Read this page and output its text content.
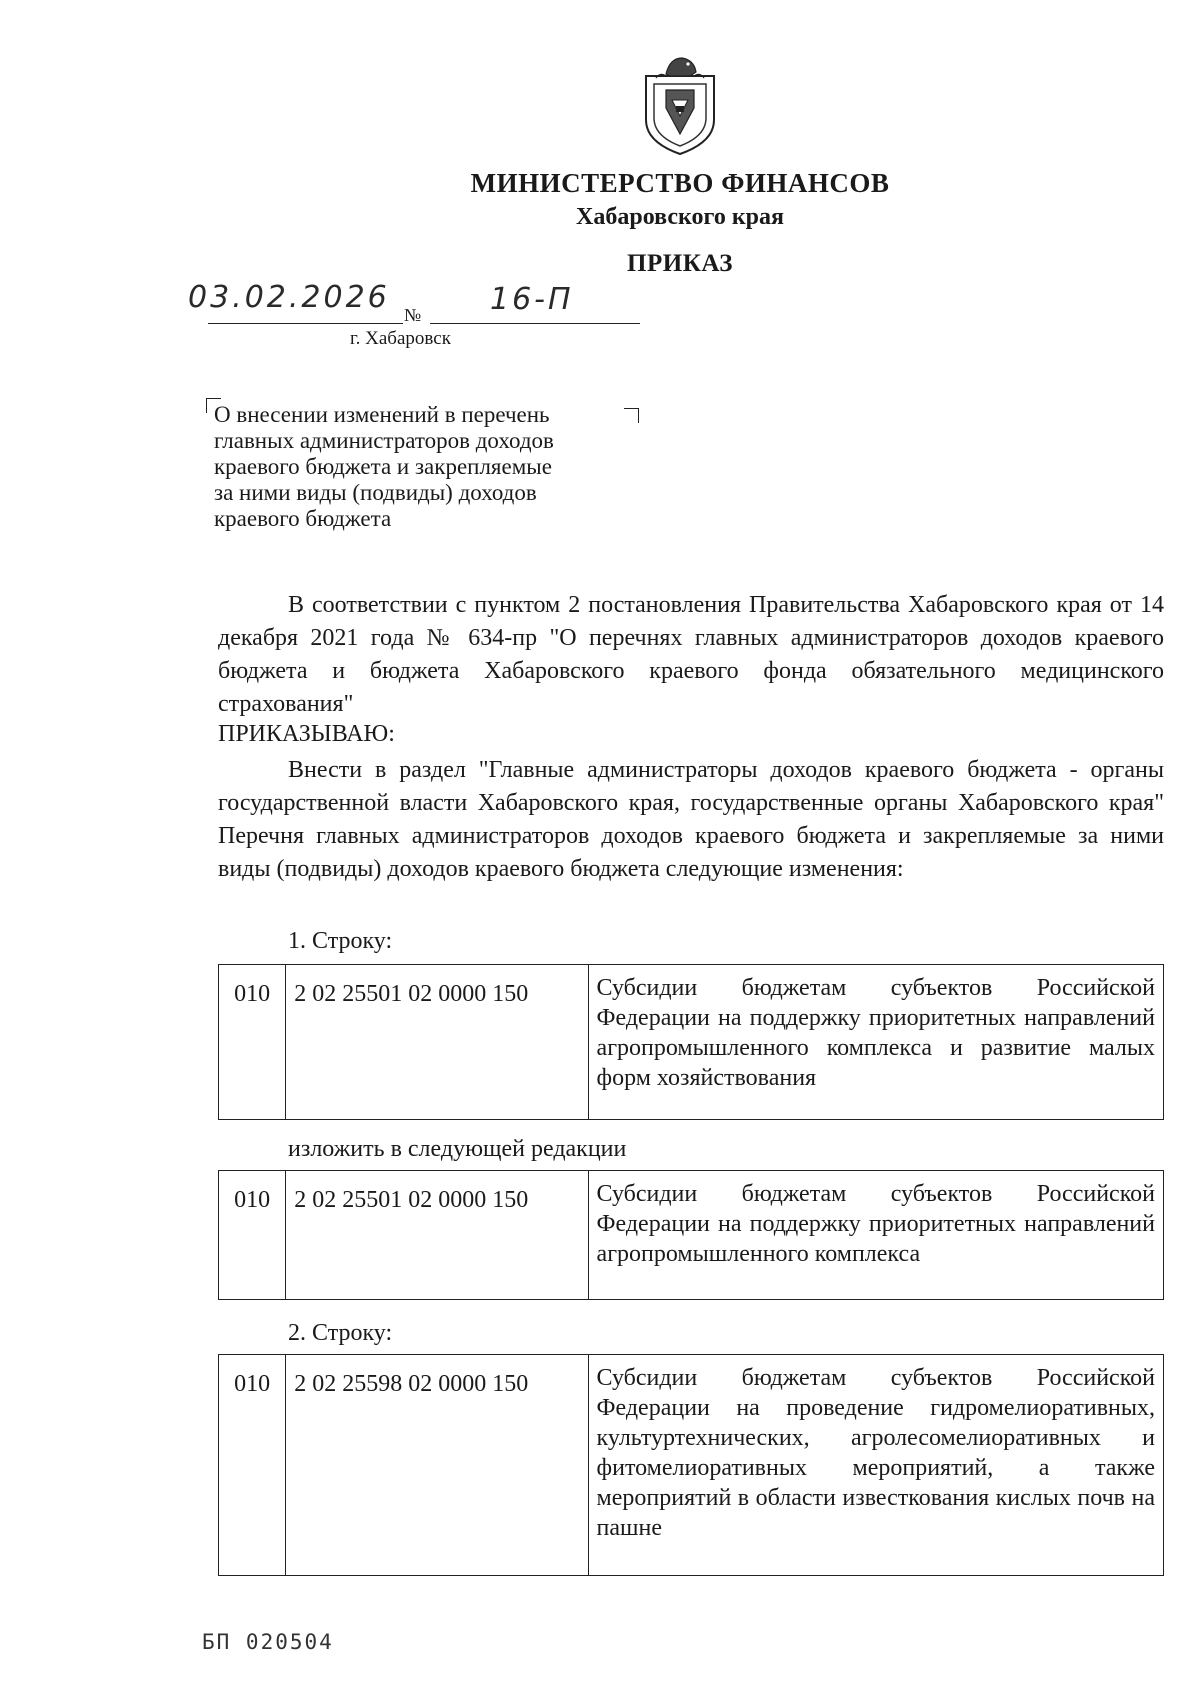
МИНИСТЕРСТВО ФИНАНСОВ
Хабаровского края
ПРИКАЗ
03.02.2026 № 16-П
г. Хабаровск
О внесении изменений в перечень
главных администраторов доходов
краевого бюджета и закрепляемые
за ними виды (подвиды) доходов
краевого бюджета
В соответствии с пунктом 2 постановления Правительства Хабаровского края от 14 декабря 2021 года № 634-пр "О перечнях главных администраторов доходов краевого бюджета и бюджета Хабаровского краевого фонда обязательного медицинского страхования"
ПРИКАЗЫВАЮ:
Внести в раздел "Главные администраторы доходов краевого бюджета - органы государственной власти Хабаровского края, государственные органы Хабаровского края" Перечня главных администраторов доходов краевого бюджета и закрепляемые за ними виды (подвиды) доходов краевого бюджета следующие изменения:
1. Строку:
010	2 02 25501 02 0000 150	Субсидии бюджетам субъектов Российской Федерации на поддержку приоритетных направлений агропромышленного комплекса и развитие малых форм хозяйствования
изложить в следующей редакции
010	2 02 25501 02 0000 150	Субсидии бюджетам субъектов Российской Федерации на поддержку приоритетных направлений агропромышленного комплекса
2. Строку:
010	2 02 25598 02 0000 150	Субсидии бюджетам субъектов Российской Федерации на проведение гидромелиоративных, культуртехнических, агролесомелиоративных и фитомелиоративных мероприятий, а также мероприятий в области известкования кислых почв на пашне
БП 020504
